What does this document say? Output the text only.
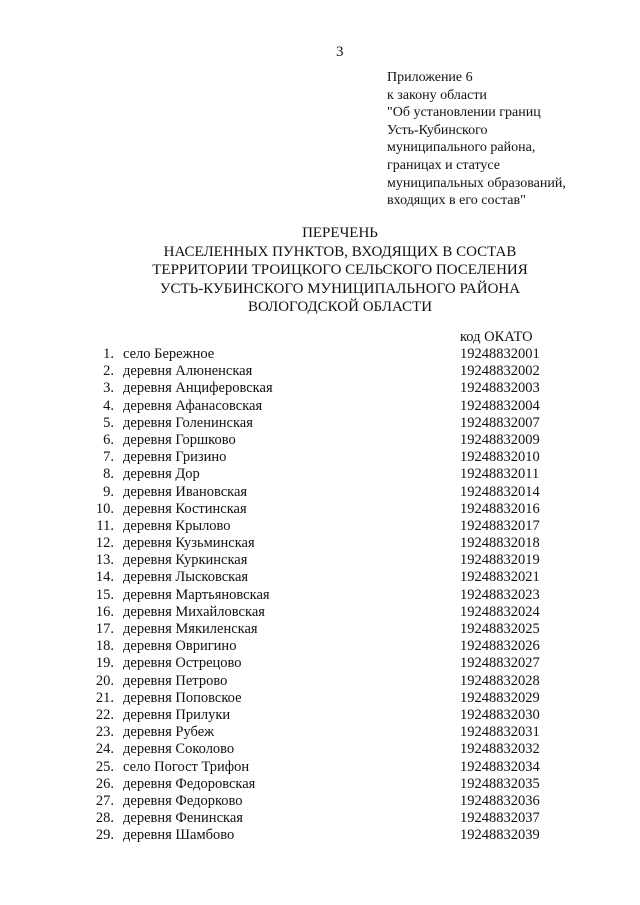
3
Приложение 6
к закону области
"Об установлении границ
Усть-Кубинского
муниципального района,
границах и статусе
муниципальных образований,
входящих в его состав"
ПЕРЕЧЕНЬ
НАСЕЛЕННЫХ ПУНКТОВ, ВХОДЯЩИХ В СОСТАВ
ТЕРРИТОРИИ ТРОИЦКОГО СЕЛЬСКОГО ПОСЕЛЕНИЯ
УСТЬ-КУБИНСКОГО МУНИЦИПАЛЬНОГО РАЙОНА
ВОЛОГОДСКОЙ ОБЛАСТИ
код ОКАТО
1. село Бережное	19248832001
2. деревня Алюненская	19248832002
3. деревня Анциферовская	19248832003
4. деревня Афанасовская	19248832004
5. деревня Голенинская	19248832007
6. деревня Горшково	19248832009
7. деревня Гризино	19248832010
8. деревня Дор	19248832011
9. деревня Ивановская	19248832014
10. деревня Костинская	19248832016
11. деревня Крылово	19248832017
12. деревня Кузьминская	19248832018
13. деревня Куркинская	19248832019
14. деревня Лысковская	19248832021
15. деревня Мартьяновская	19248832023
16. деревня Михайловская	19248832024
17. деревня Мякиленская	19248832025
18. деревня Овригино	19248832026
19. деревня Острецово	19248832027
20. деревня Петрово	19248832028
21. деревня Поповское	19248832029
22. деревня Прилуки	19248832030
23. деревня Рубеж	19248832031
24. деревня Соколово	19248832032
25. село Погост Трифон	19248832034
26. деревня Федоровская	19248832035
27. деревня Федорково	19248832036
28. деревня Фенинская	19248832037
29. деревня Шамбово	19248832039
